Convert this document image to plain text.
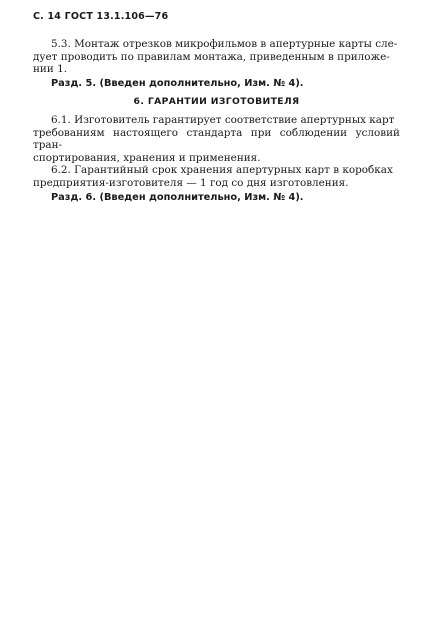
С. 14 ГОСТ 13.1.106—76

5.3. Монтаж отрезков микрофильмов в апертурные карты сле-
дует проводить по правилам монтажа, приведенным в приложе-
нии 1.

Разд. 5. (Введен дополнительно, Изм. № 4).

6. ГАРАНТИИ ИЗГОТОВИТЕЛЯ

6.1. Изготовитель гарантирует соответствие апертурных карт
требованиям настоящего стандарта при соблюдении условий тран-
спортирования, хранения и применения.

6.2. Гарантийный срок хранения апертурных карт в коробках
предприятия-изготовителя — 1 год со дня изготовления.

Разд. 6. (Введен дополнительно, Изм. № 4).
